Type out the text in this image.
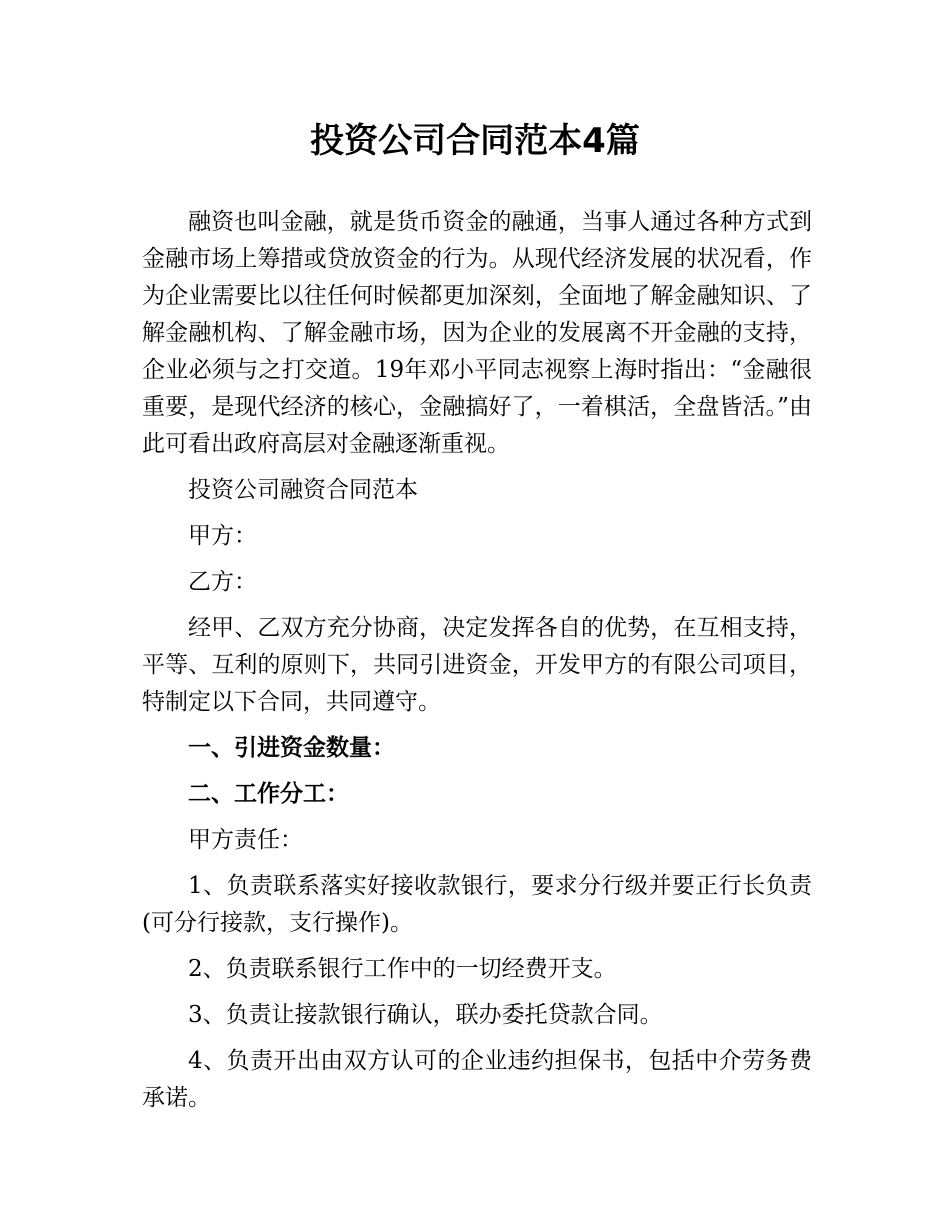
投资公司合同范本4篇

融资也叫金融，就是货币资金的融通，当事人通过各种方式到金融市场上筹措或贷放资金的行为。从现代经济发展的状况看，作为企业需要比以往任何时候都更加深刻，全面地了解金融知识、了解金融机构、了解金融市场，因为企业的发展离不开金融的支持，企业必须与之打交道。19年邓小平同志视察上海时指出：“金融很重要，是现代经济的核心，金融搞好了，一着棋活，全盘皆活。”由此可看出政府高层对金融逐渐重视。

投资公司融资合同范本

甲方：

乙方：

经甲、乙双方充分协商，决定发挥各自的优势，在互相支持，平等、互利的原则下，共同引进资金，开发甲方的有限公司项目，特制定以下合同，共同遵守。

一、引进资金数量：

二、工作分工：

甲方责任：

1、负责联系落实好接收款银行，要求分行级并要正行长负责(可分行接款，支行操作)。

2、负责联系银行工作中的一切经费开支。

3、负责让接款银行确认，联办委托贷款合同。

4、负责开出由双方认可的企业违约担保书，包括中介劳务费承诺。
